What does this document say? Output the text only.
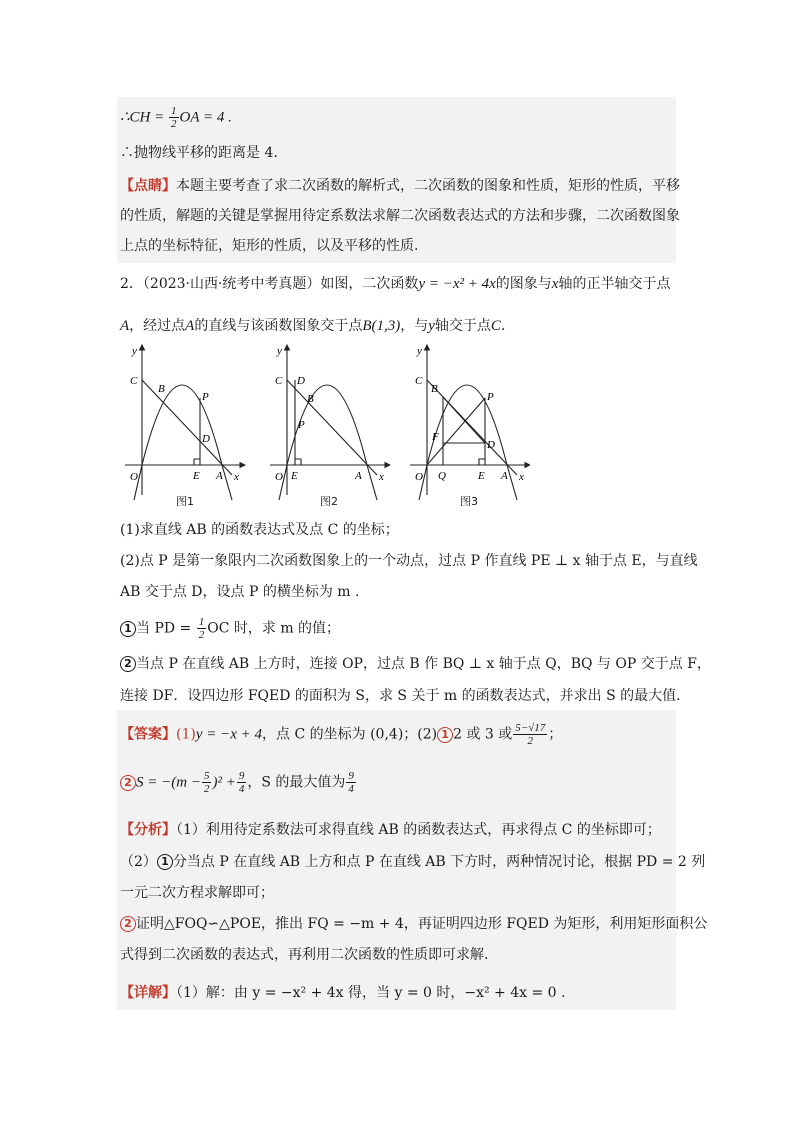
∴CH = $\frac{1}{2}$ OA = 4 .
∴抛物线平移的距离是 4.
【点睛】本题主要考查了求二次函数的解析式，二次函数的图象和性质，矩形的性质，平移
的性质，解题的关键是掌握用待定系数法求解二次函数表达式的方法和步骤，二次函数图象
上点的坐标特征，矩形的性质，以及平移的性质.
2．（2023·山西·统考中考真题）如图，二次函数y = −x² + 4x的图象与x轴的正半轴交于点
A，经过点A的直线与该函数图象交于点B(1,3)，与y轴交于点C．
y
x
O
C
B
P
D
E A
y
x
O
C D
B
P
E	A
y
x
O
C
B
P
F
D
Q	E A
图1	图2	图3
(1)求直线 AB 的函数表达式及点 C 的坐标；
(2)点 P 是第一象限内二次函数图象上的一个动点，过点 P 作直线 PE ⊥ x 轴于点 E，与直线
AB 交于点 D，设点 P 的横坐标为 m .
1 当 PD = $\frac{1}{2}$ OC 时，求 m 的值；
2 当点 P 在直线 AB 上方时，连接 OP，过点 B 作 BQ ⊥ x 轴于点 Q，BQ 与 OP 交于点 F，
连接 DF．设四边形 FQED 的面积为 S，求 S 关于 m 的函数表达式，并求出 S 的最大值．
【答案】(1)y = −x + 4，点 C 的坐标为 (0,4)；(2) 1 2 或 3 或 $\frac{5-√17}{2}$ ；
2 $S = -(m - \frac{5}{2} )^2 + \frac{9}{4}$ ，S 的最大值为 $\frac{9}{4}$
【分析】（1）利用待定系数法可求得直线 AB 的函数表达式，再求得点 C 的坐标即可；
（2） 1 分当点 P 在直线 AB 上方和点 P 在直线 AB 下方时，两种情况讨论，根据 PD = 2 列
一元二次方程求解即可；
2 证明△FOQ∽△POE，推出 FQ = −m + 4，再证明四边形 FQED 为矩形，利用矩形面积公
式得到二次函数的表达式，再利用二次函数的性质即可求解.
【详解】（1）解：由 y = −x² + 4x 得，当 y = 0 时，−x² + 4x = 0 .
